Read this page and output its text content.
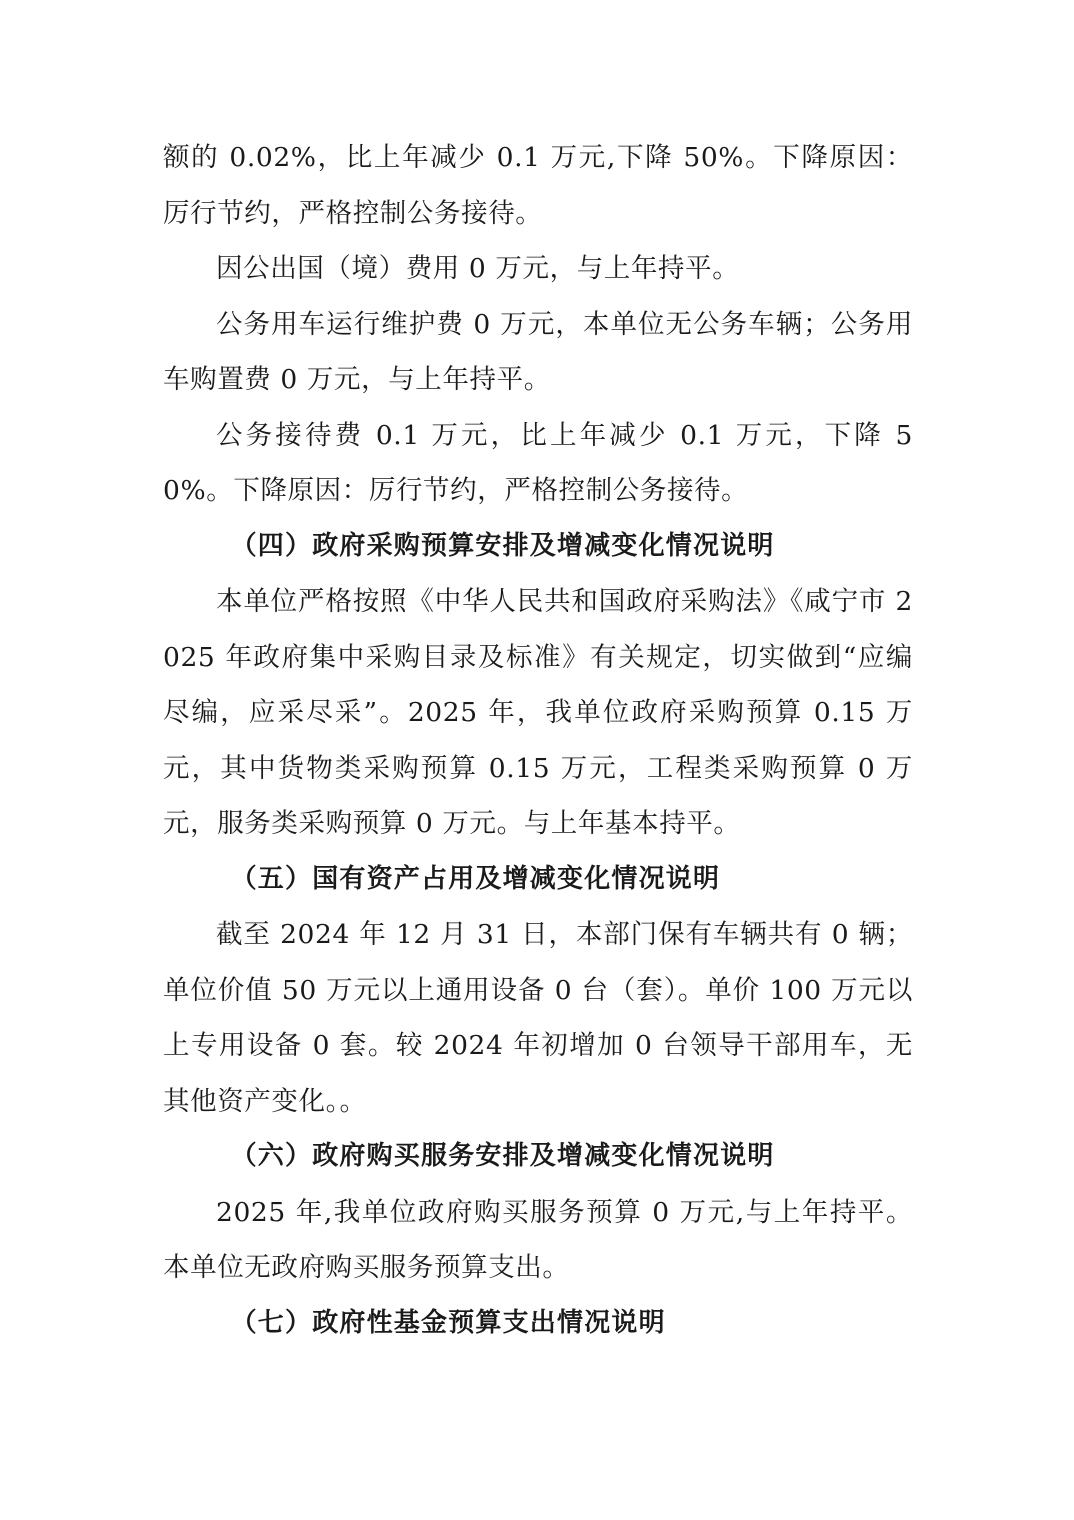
额的 0.02%，比上年减少 0.1 万元,下降 50%。下降原因：厉行节约，严格控制公务接待。

因公出国（境）费用 0 万元，与上年持平。

公务用车运行维护费 0 万元，本单位无公务车辆；公务用车购置费 0 万元，与上年持平。

公务接待费 0.1 万元，比上年减少 0.1 万元，下降 50%。下降原因：厉行节约，严格控制公务接待。

（四）政府采购预算安排及增减变化情况说明

本单位严格按照《中华人民共和国政府采购法》《咸宁市 2025 年政府集中采购目录及标准》有关规定，切实做到“应编尽编，应采尽采”。2025 年，我单位政府采购预算 0.15 万元，其中货物类采购预算 0.15 万元，工程类采购预算 0 万元，服务类采购预算 0 万元。与上年基本持平。

（五）国有资产占用及增减变化情况说明

截至 2024 年 12 月 31 日，本部门保有车辆共有 0 辆；单位价值 50 万元以上通用设备 0 台（套）。单价 100 万元以上专用设备 0 套。较 2024 年初增加 0 台领导干部用车，无其他资产变化。。

（六）政府购买服务安排及增减变化情况说明

2025 年,我单位政府购买服务预算 0 万元,与上年持平。本单位无政府购买服务预算支出。

（七）政府性基金预算支出情况说明
